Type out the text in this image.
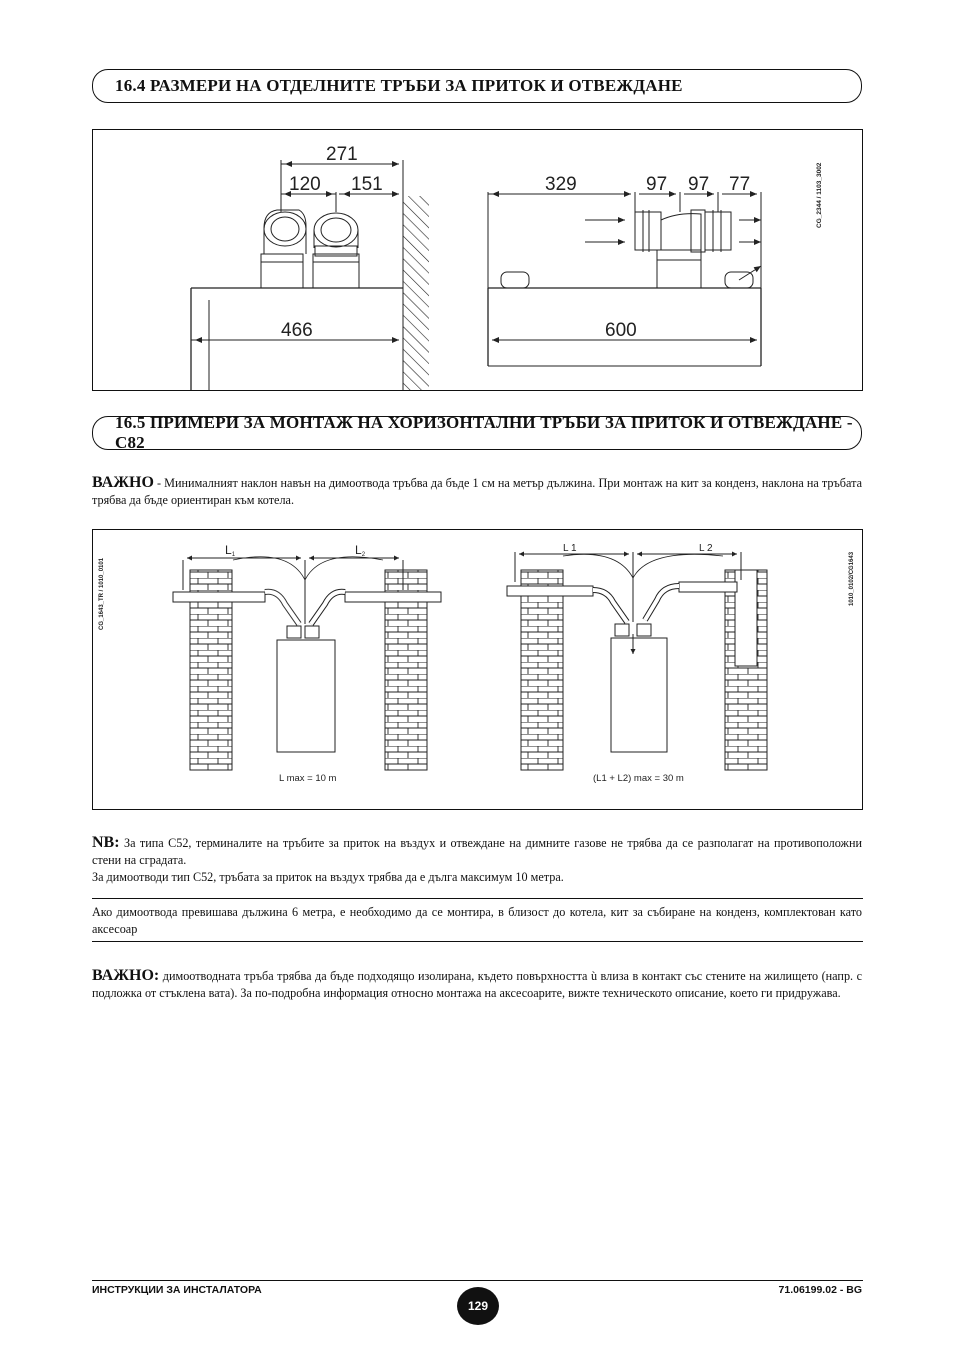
16.4 РАЗМЕРИ НА ОТДЕЛНИТЕ ТРЪБИ ЗА ПРИТОК И ОТВЕЖДАНЕ
271
120 151
466
329	97 97 77
600
CG_2344 / 1103_3002
16.5 ПРИМЕРИ ЗА МОНТАЖ НА ХОРИЗОНТАЛНИ ТРЪБИ ЗА ПРИТОК И ОТВЕЖДАНЕ - C82
ВАЖНО - Минималният наклон навън на димоотвода тръбва да бъде 1 см на метър дължина. При монтаж на кит за конденз, наклона на тръбата трябва да бъде ориентиран към котела.
L1	L2
L 1	L 2
L max = 10 m	(L1 + L2) max = 30 m
CG_1643_TR / 1010_0101	1010_0102/CG1643
NB: За типа С52, терминалите на тръбите за приток на въздух и отвеждане на димните газове не трябва да се разполагат на противоположни стени на сградата.
За димоотводи тип С52, тръбата за приток на въздух трябва да е дълга максимум 10 метра.
Ако димоотвода превишава дължина 6 метра, е необходимо да се монтира, в близост до котела, кит за събиране на конденз, комплектован като аксесоар
ВАЖНО: димоотводната тръба трябва да бъде подходящо изолирана, където повърхността ù влиза в контакт със стените на жилището (напр. с подложка от стъклена вата). За по-подробна информация относно монтажа на аксесоарите, вижте техническото описание, което ги придружава.
ИНСТРУКЦИИ ЗА ИНСТАЛАТОРА
129
71.06199.02 - BG
